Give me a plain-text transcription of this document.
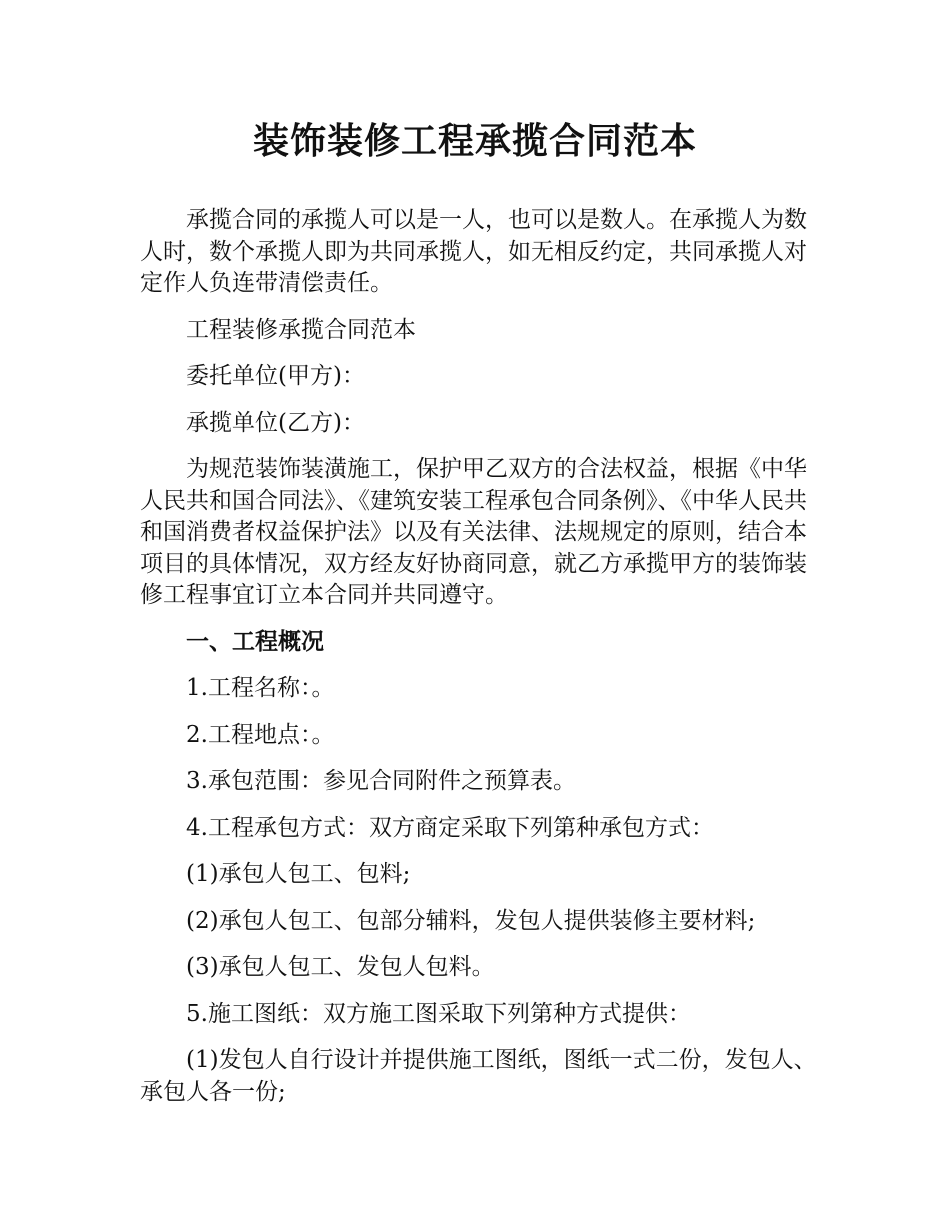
装饰装修工程承揽合同范本

承揽合同的承揽人可以是一人，也可以是数人。在承揽人为数人时，数个承揽人即为共同承揽人，如无相反约定，共同承揽人对定作人负连带清偿责任。

工程装修承揽合同范本

委托单位(甲方)：

承揽单位(乙方)：

为规范装饰装潢施工，保护甲乙双方的合法权益，根据《中华人民共和国合同法》、《建筑安装工程承包合同条例》、《中华人民共和国消费者权益保护法》以及有关法律、法规规定的原则，结合本项目的具体情况，双方经友好协商同意，就乙方承揽甲方的装饰装修工程事宜订立本合同并共同遵守。

一、工程概况

1.工程名称：。

2.工程地点：。

3.承包范围：参见合同附件之预算表。

4.工程承包方式：双方商定采取下列第种承包方式：

(1)承包人包工、包料;

(2)承包人包工、包部分辅料，发包人提供装修主要材料;

(3)承包人包工、发包人包料。

5.施工图纸：双方施工图采取下列第种方式提供：

(1)发包人自行设计并提供施工图纸，图纸一式二份，发包人、承包人各一份;
